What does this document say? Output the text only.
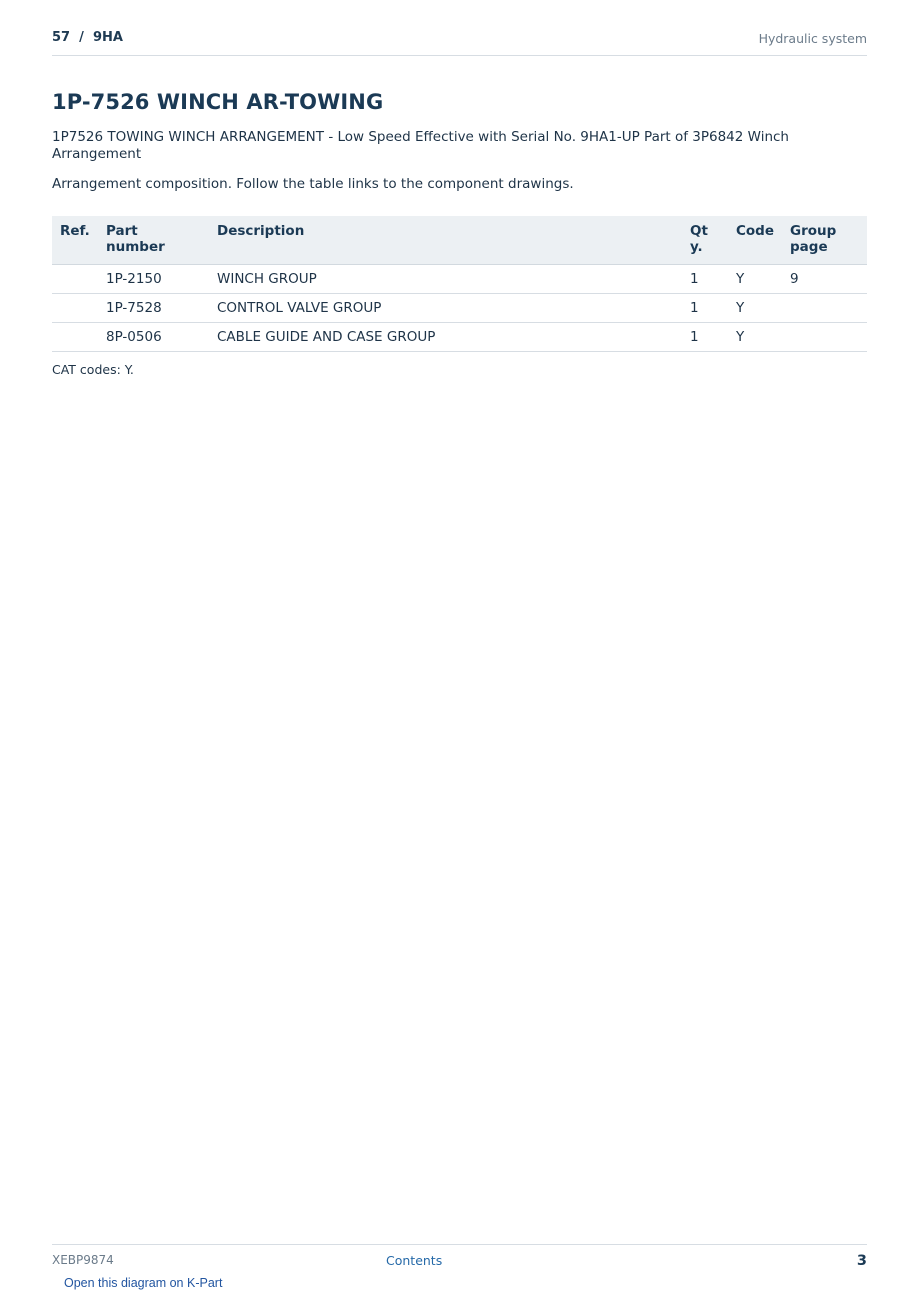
57  /  9HA	Hydraulic system
1P-7526 WINCH AR-TOWING
1P7526 TOWING WINCH ARRANGEMENT - Low Speed Effective with Serial No. 9HA1-UP Part of 3P6842 Winch Arrangement
Arrangement composition. Follow the table links to the component drawings.
Ref.	Part number	Description	Qty.	Code	Group page
	1P-2150	WINCH GROUP	1	Y	9
	1P-7528	CONTROL VALVE GROUP	1	Y	
	8P-0506	CABLE GUIDE AND CASE GROUP	1	Y	
CAT codes: Y.
XEBP9874	Contents	3
Open this diagram on K-Part
